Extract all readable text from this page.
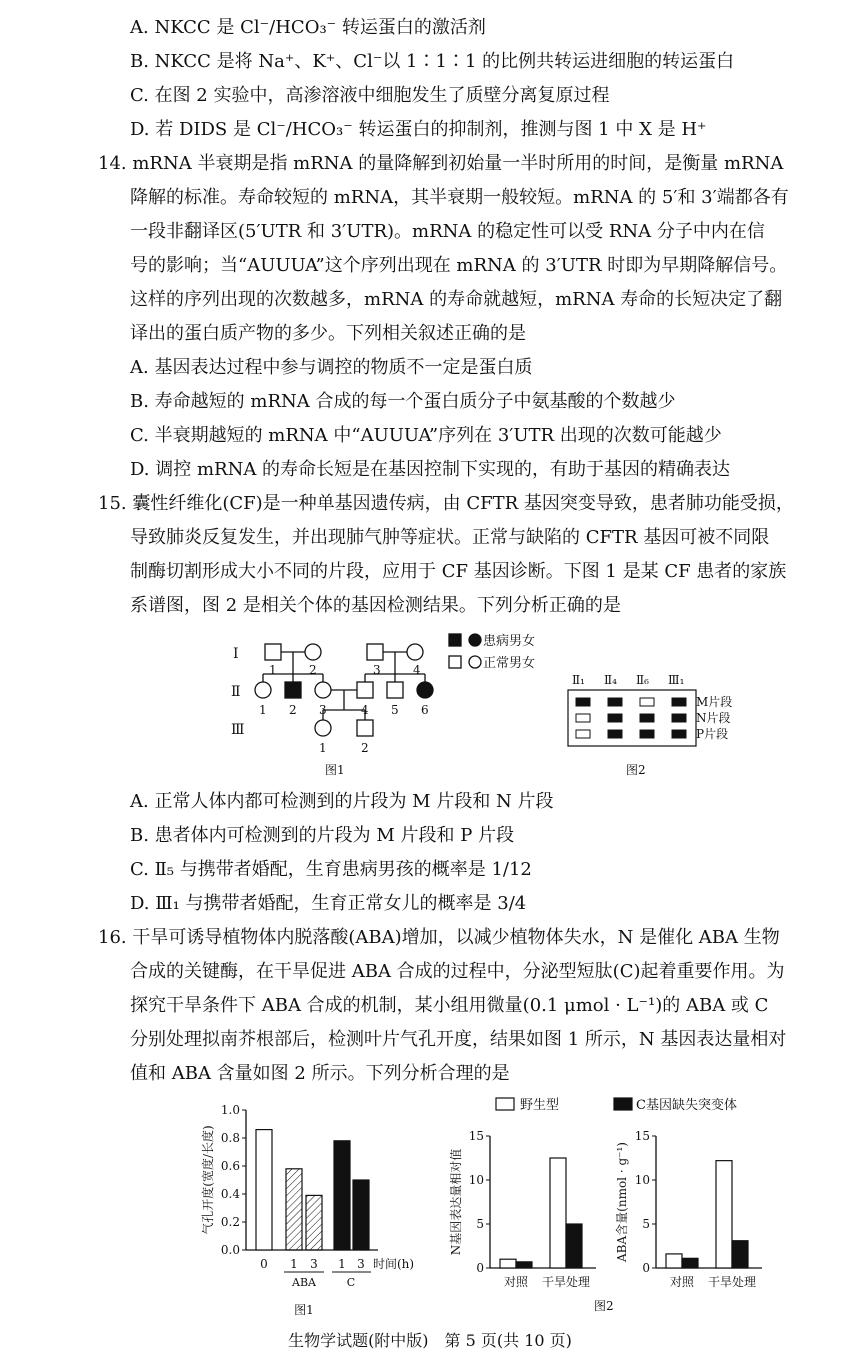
A. NKCC 是 Cl⁻/HCO₃⁻ 转运蛋白的激活剂
B. NKCC 是将 Na⁺、K⁺、Cl⁻以 1∶1∶1 的比例共转运进细胞的转运蛋白
C. 在图 2 实验中，高渗溶液中细胞发生了质壁分离复原过程
D. 若 DIDS 是 Cl⁻/HCO₃⁻ 转运蛋白的抑制剂，推测与图 1 中 X 是 H⁺
14. mRNA 半衰期是指 mRNA 的量降解到初始量一半时所用的时间，是衡量 mRNA
降解的标准。寿命较短的 mRNA，其半衰期一般较短。mRNA 的 5′和 3′端都各有
一段非翻译区(5′UTR 和 3′UTR)。mRNA 的稳定性可以受 RNA 分子中内在信
号的影响；当“AUUUA”这个序列出现在 mRNA 的 3′UTR 时即为早期降解信号。
这样的序列出现的次数越多，mRNA 的寿命就越短，mRNA 寿命的长短决定了翻
译出的蛋白质产物的多少。下列相关叙述正确的是
A. 基因表达过程中参与调控的物质不一定是蛋白质
B. 寿命越短的 mRNA 合成的每一个蛋白质分子中氨基酸的个数越少
C. 半衰期越短的 mRNA 中“AUUUA”序列在 3′UTR 出现的次数可能越少
D. 调控 mRNA 的寿命长短是在基因控制下实现的，有助于基因的精确表达
15. 囊性纤维化(CF)是一种单基因遗传病，由 CFTR 基因突变导致，患者肺功能受损，
导致肺炎反复发生，并出现肺气肿等症状。正常与缺陷的 CFTR 基因可被不同限
制酶切割形成大小不同的片段，应用于 CF 基因诊断。下图 1 是某 CF 患者的家族
系谱图，图 2 是相关个体的基因检测结果。下列分析正确的是
Ⅰ
Ⅱ
Ⅲ
1	2	3	4
1 2 3	4 5 6
1	2
患病男女
正常男女
图1
Ⅱ₁ Ⅱ₄ Ⅱ₆ Ⅲ₁
M片段
N片段
P片段
图2
A. 正常人体内都可检测到的片段为 M 片段和 N 片段
B. 患者体内可检测到的片段为 M 片段和 P 片段
C. Ⅱ₅ 与携带者婚配，生育患病男孩的概率是 1/12
D. Ⅲ₁ 与携带者婚配，生育正常女儿的概率是 3/4
16. 干旱可诱导植物体内脱落酸(ABA)增加，以减少植物体失水，N 是催化 ABA 生物
合成的关键酶，在干旱促进 ABA 合成的过程中，分泌型短肽(C)起着重要作用。为
探究干旱条件下 ABA 合成的机制，某小组用微量(0.1 μmol · L⁻¹)的 ABA 或 C
分别处理拟南芥根部后，检测叶片气孔开度，结果如图 1 所示，N 基因表达量相对
值和 ABA 含量如图 2 所示。下列分析合理的是
0.0
0.2
0.4
0.6
0.8
1.0
0 1 3 1 3
ABA	C
时间(h)
气孔开度(宽度/长度)
图1
野生型	C基因缺失突变体
0
5
10
15
对照 干旱处理
N基因表达量相对值
0
5
10
15
对照 干旱处理
ABA含量(nmol · g⁻¹)
图2
生物学试题(附中版)　第 5 页(共 10 页)
